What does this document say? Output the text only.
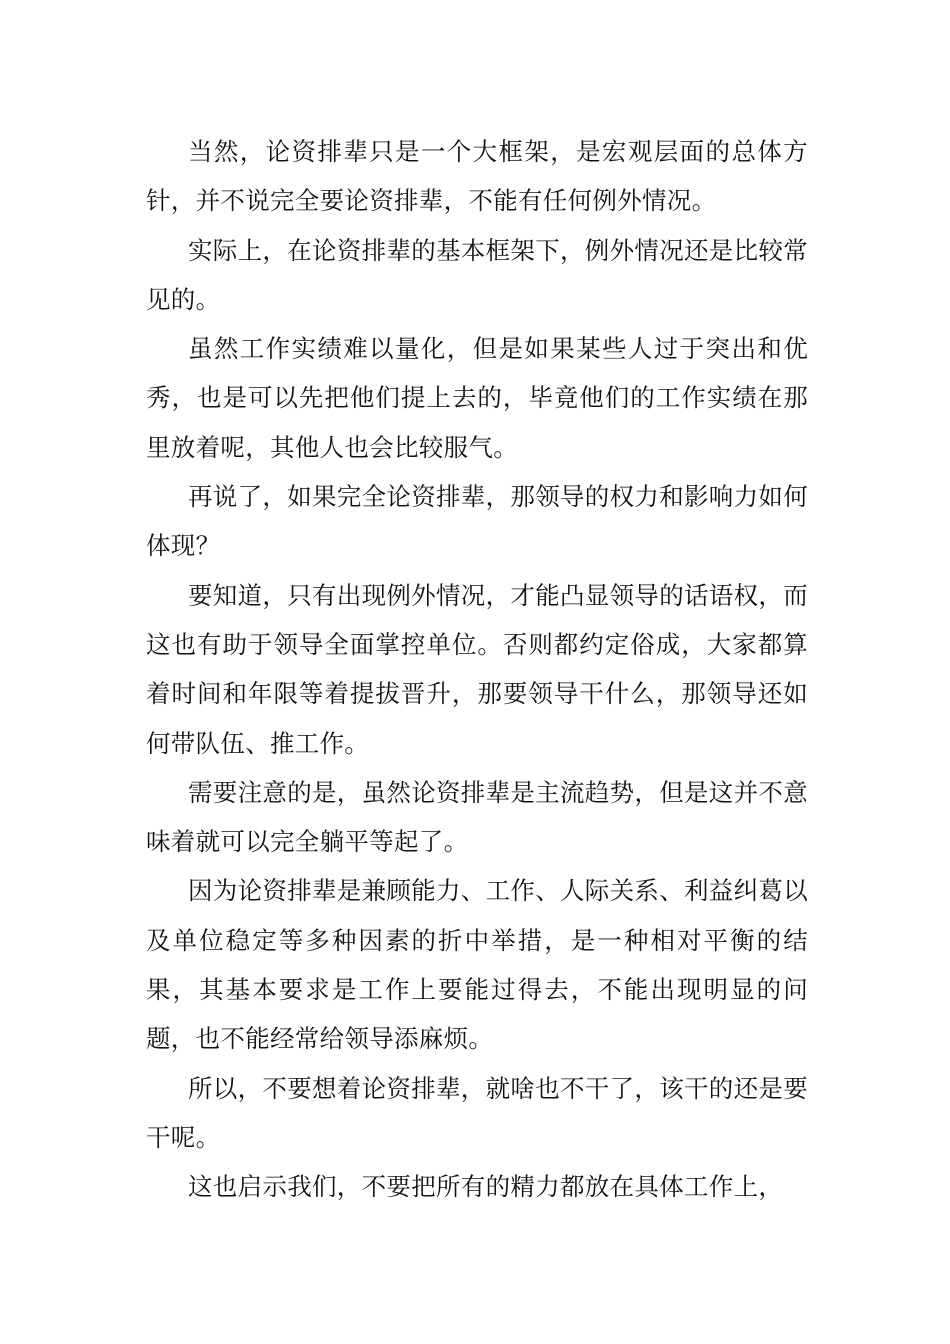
当然，论资排辈只是一个大框架，是宏观层面的总体方针，并不说完全要论资排辈，不能有任何例外情况。

实际上，在论资排辈的基本框架下，例外情况还是比较常见的。

虽然工作实绩难以量化，但是如果某些人过于突出和优秀，也是可以先把他们提上去的，毕竟他们的工作实绩在那里放着呢，其他人也会比较服气。

再说了，如果完全论资排辈，那领导的权力和影响力如何体现？

要知道，只有出现例外情况，才能凸显领导的话语权，而这也有助于领导全面掌控单位。否则都约定俗成，大家都算着时间和年限等着提拔晋升，那要领导干什么，那领导还如何带队伍、推工作。

需要注意的是，虽然论资排辈是主流趋势，但是这并不意味着就可以完全躺平等起了。

因为论资排辈是兼顾能力、工作、人际关系、利益纠葛以及单位稳定等多种因素的折中举措，是一种相对平衡的结果，其基本要求是工作上要能过得去，不能出现明显的问题，也不能经常给领导添麻烦。

所以，不要想着论资排辈，就啥也不干了，该干的还是要干呢。

这也启示我们，不要把所有的精力都放在具体工作上，
